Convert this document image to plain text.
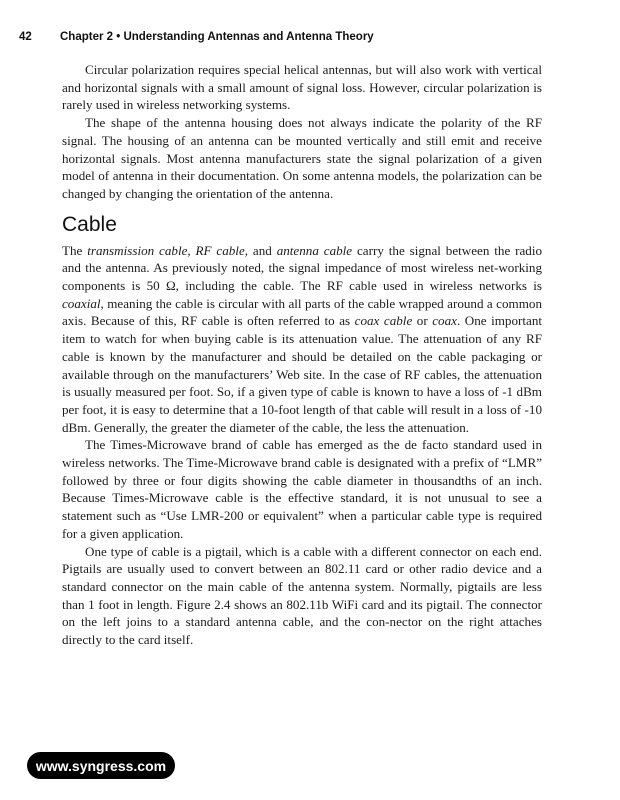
42 Chapter 2 • Understanding Antennas and Antenna Theory

Circular polarization requires special helical antennas, but will also work with vertical and horizontal signals with a small amount of signal loss. However, circular polarization is rarely used in wireless networking systems.

The shape of the antenna housing does not always indicate the polarity of the RF signal. The housing of an antenna can be mounted vertically and still emit and receive horizontal signals. Most antenna manufacturers state the signal polarization of a given model of antenna in their documentation. On some antenna models, the polarization can be changed by changing the orientation of the antenna.

Cable

The transmission cable, RF cable, and antenna cable carry the signal between the radio and the antenna. As previously noted, the signal impedance of most wireless net-working components is 50 Ω, including the cable. The RF cable used in wireless networks is coaxial, meaning the cable is circular with all parts of the cable wrapped around a common axis. Because of this, RF cable is often referred to as coax cable or coax. One important item to watch for when buying cable is its attenuation value. The attenuation of any RF cable is known by the manufacturer and should be detailed on the cable packaging or available through on the manufacturers’ Web site. In the case of RF cables, the attenuation is usually measured per foot. So, if a given type of cable is known to have a loss of -1 dBm per foot, it is easy to determine that a 10-foot length of that cable will result in a loss of -10 dBm. Generally, the greater the diameter of the cable, the less the attenuation.

The Times-Microwave brand of cable has emerged as the de facto standard used in wireless networks. The Time-Microwave brand cable is designated with a prefix of “LMR” followed by three or four digits showing the cable diameter in thousandths of an inch. Because Times-Microwave cable is the effective standard, it is not unusual to see a statement such as “Use LMR-200 or equivalent” when a particular cable type is required for a given application.

One type of cable is a pigtail, which is a cable with a different connector on each end. Pigtails are usually used to convert between an 802.11 card or other radio device and a standard connector on the main cable of the antenna system. Normally, pigtails are less than 1 foot in length. Figure 2.4 shows an 802.11b WiFi card and its pigtail. The connector on the left joins to a standard antenna cable, and the con-nector on the right attaches directly to the card itself.

www.syngress.com
